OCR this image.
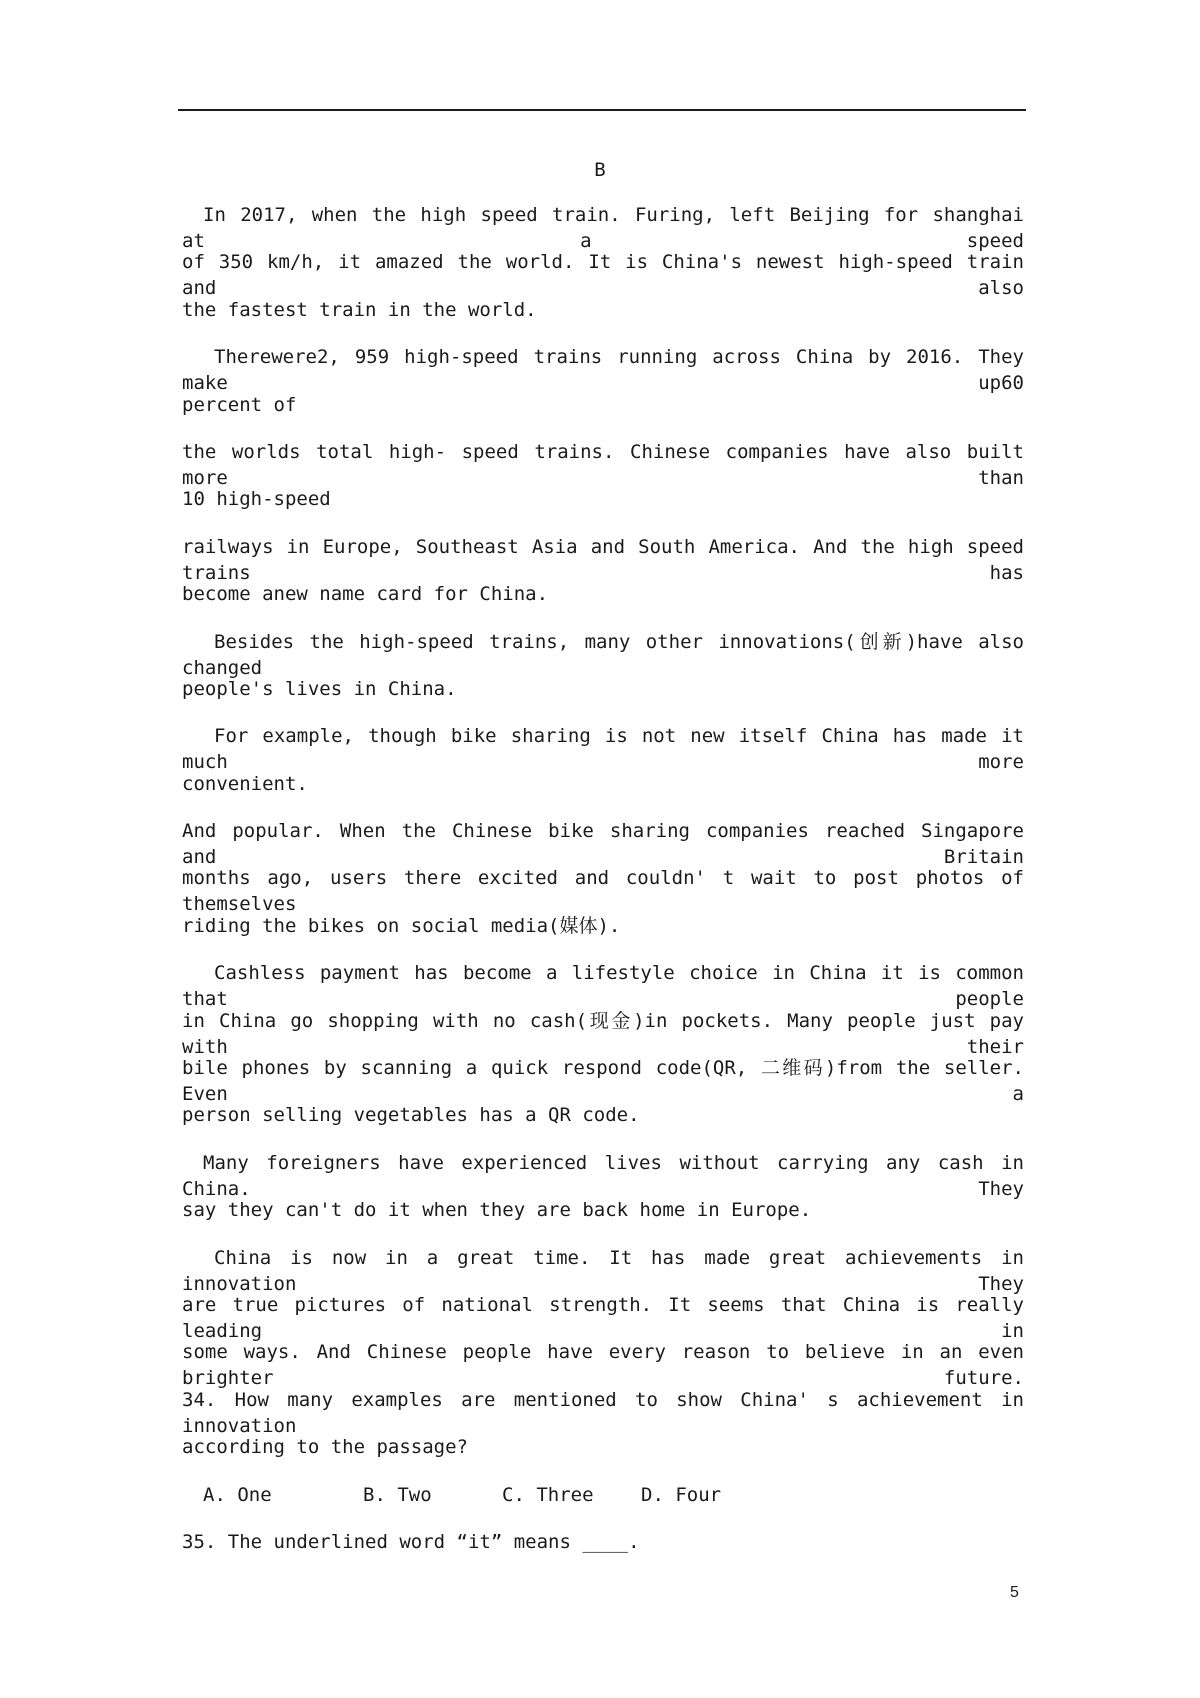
B
In 2017, when the high speed train. Furing, left Beijing for shanghai at a speed
of 350 km/h, it amazed the world. It is China's newest high-speed train and also
the fastest train in the world.
Therewere2, 959 high-speed trains running across China by 2016. They make up60
percent of
the worlds total high- speed trains. Chinese companies have also built more than
10 high-speed
railways in Europe, Southeast Asia and South America. And the high speed trains has
become anew name card for China.
Besides the high-speed trains, many other innovations(创新)have also changed
people's lives in China.
For example, though bike sharing is not new itself China has made it much more
convenient.
And popular. When the Chinese bike sharing companies reached Singapore and Britain
months ago, users there excited and couldn' t wait to post photos of themselves
riding the bikes on social media(媒体).
Cashless payment has become a lifestyle choice in China it is common that people
in China go shopping with no cash(现金)in pockets. Many people just pay with their
bile phones by scanning a quick respond code(QR, 二维码)from the seller. Even a
person selling vegetables has a QR code.
Many foreigners have experienced lives without carrying any cash in China. They
say they can't do it when they are back home in Europe.
China is now in a great time. It has made great achievements in innovation They
are true pictures of national strength. It seems that China is really leading in
some ways. And Chinese people have every reason to believe in an even brighter future.
34. How many examples are mentioned to show China' s achievement in innovation
according to the passage?
A. One	B. Two	C. Three D. Four
35. The underlined word “it” means ____.
5
